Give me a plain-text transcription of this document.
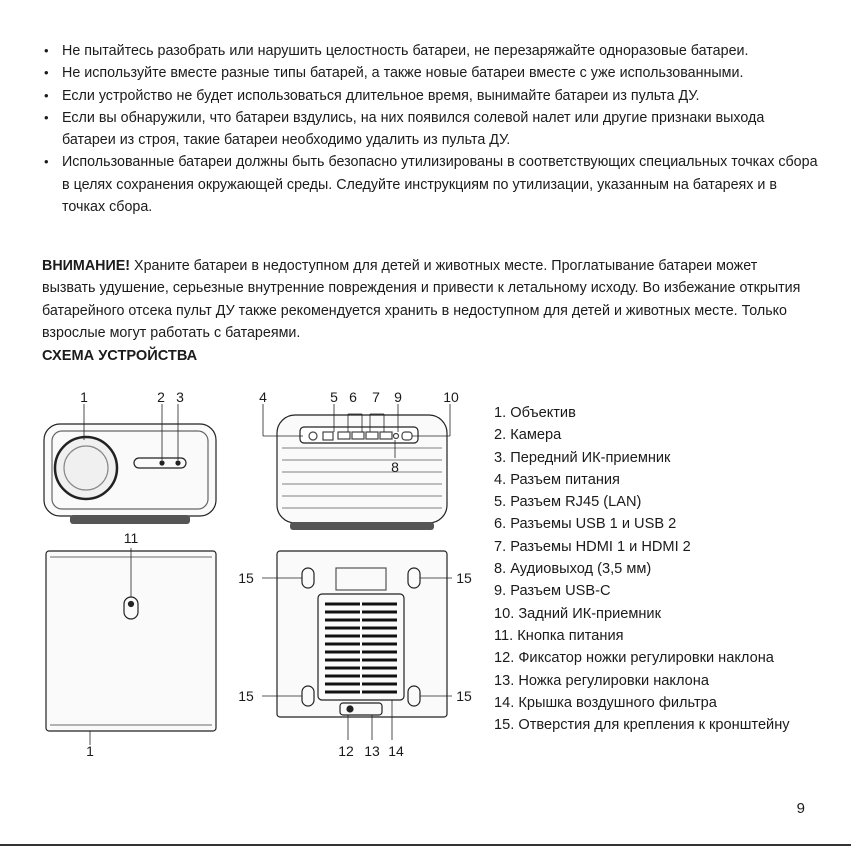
• Не пытайтесь разобрать или нарушить целостность батареи, не перезаряжайте одноразовые батареи.
• Не используйте вместе разные типы батарей, а также новые батареи вместе с уже использованными.
• Если устройство не будет использоваться длительное время, вынимайте батареи из пульта ДУ.
• Если вы обнаружили, что батареи вздулись, на них появился солевой налет или другие признаки выхода батареи из строя, такие батареи необходимо удалить из пульта ДУ.
• Использованные батареи должны быть безопасно утилизированы в соответствующих специальных точках сбора в целях сохранения окружающей среды. Следуйте инструкциям по утилизации, указанным на батареях и в точках сбора.

ВНИМАНИЕ! Храните батареи в недоступном для детей и животных месте. Проглатывание батареи может вызвать удушение, серьезные внутренние повреждения и привести к летальному исходу. Во избежание открытия батарейного отсека пульт ДУ также рекомендуется хранить в недоступном для детей и животных месте. Только взрослые могут работать с батареями.

СХЕМА УСТРОЙСТВА
1	2 3	4	5 6 7 9	10
8
11
15	15
15	15
1	12 13 14
1. Объектив
2. Камера
3. Передний ИК-приемник
4. Разъем питания
5. Разъем RJ45 (LAN)
6. Разъемы USB 1 и USB 2
7. Разъемы HDMI 1 и HDMI 2
8. Аудиовыход (3,5 мм)
9. Разъем USB-C
10. Задний ИК-приемник
11. Кнопка питания
12. Фиксатор ножки регулировки наклона
13. Ножка регулировки наклона
14. Крышка воздушного фильтра
15. Отверстия для крепления к кронштейну
9
